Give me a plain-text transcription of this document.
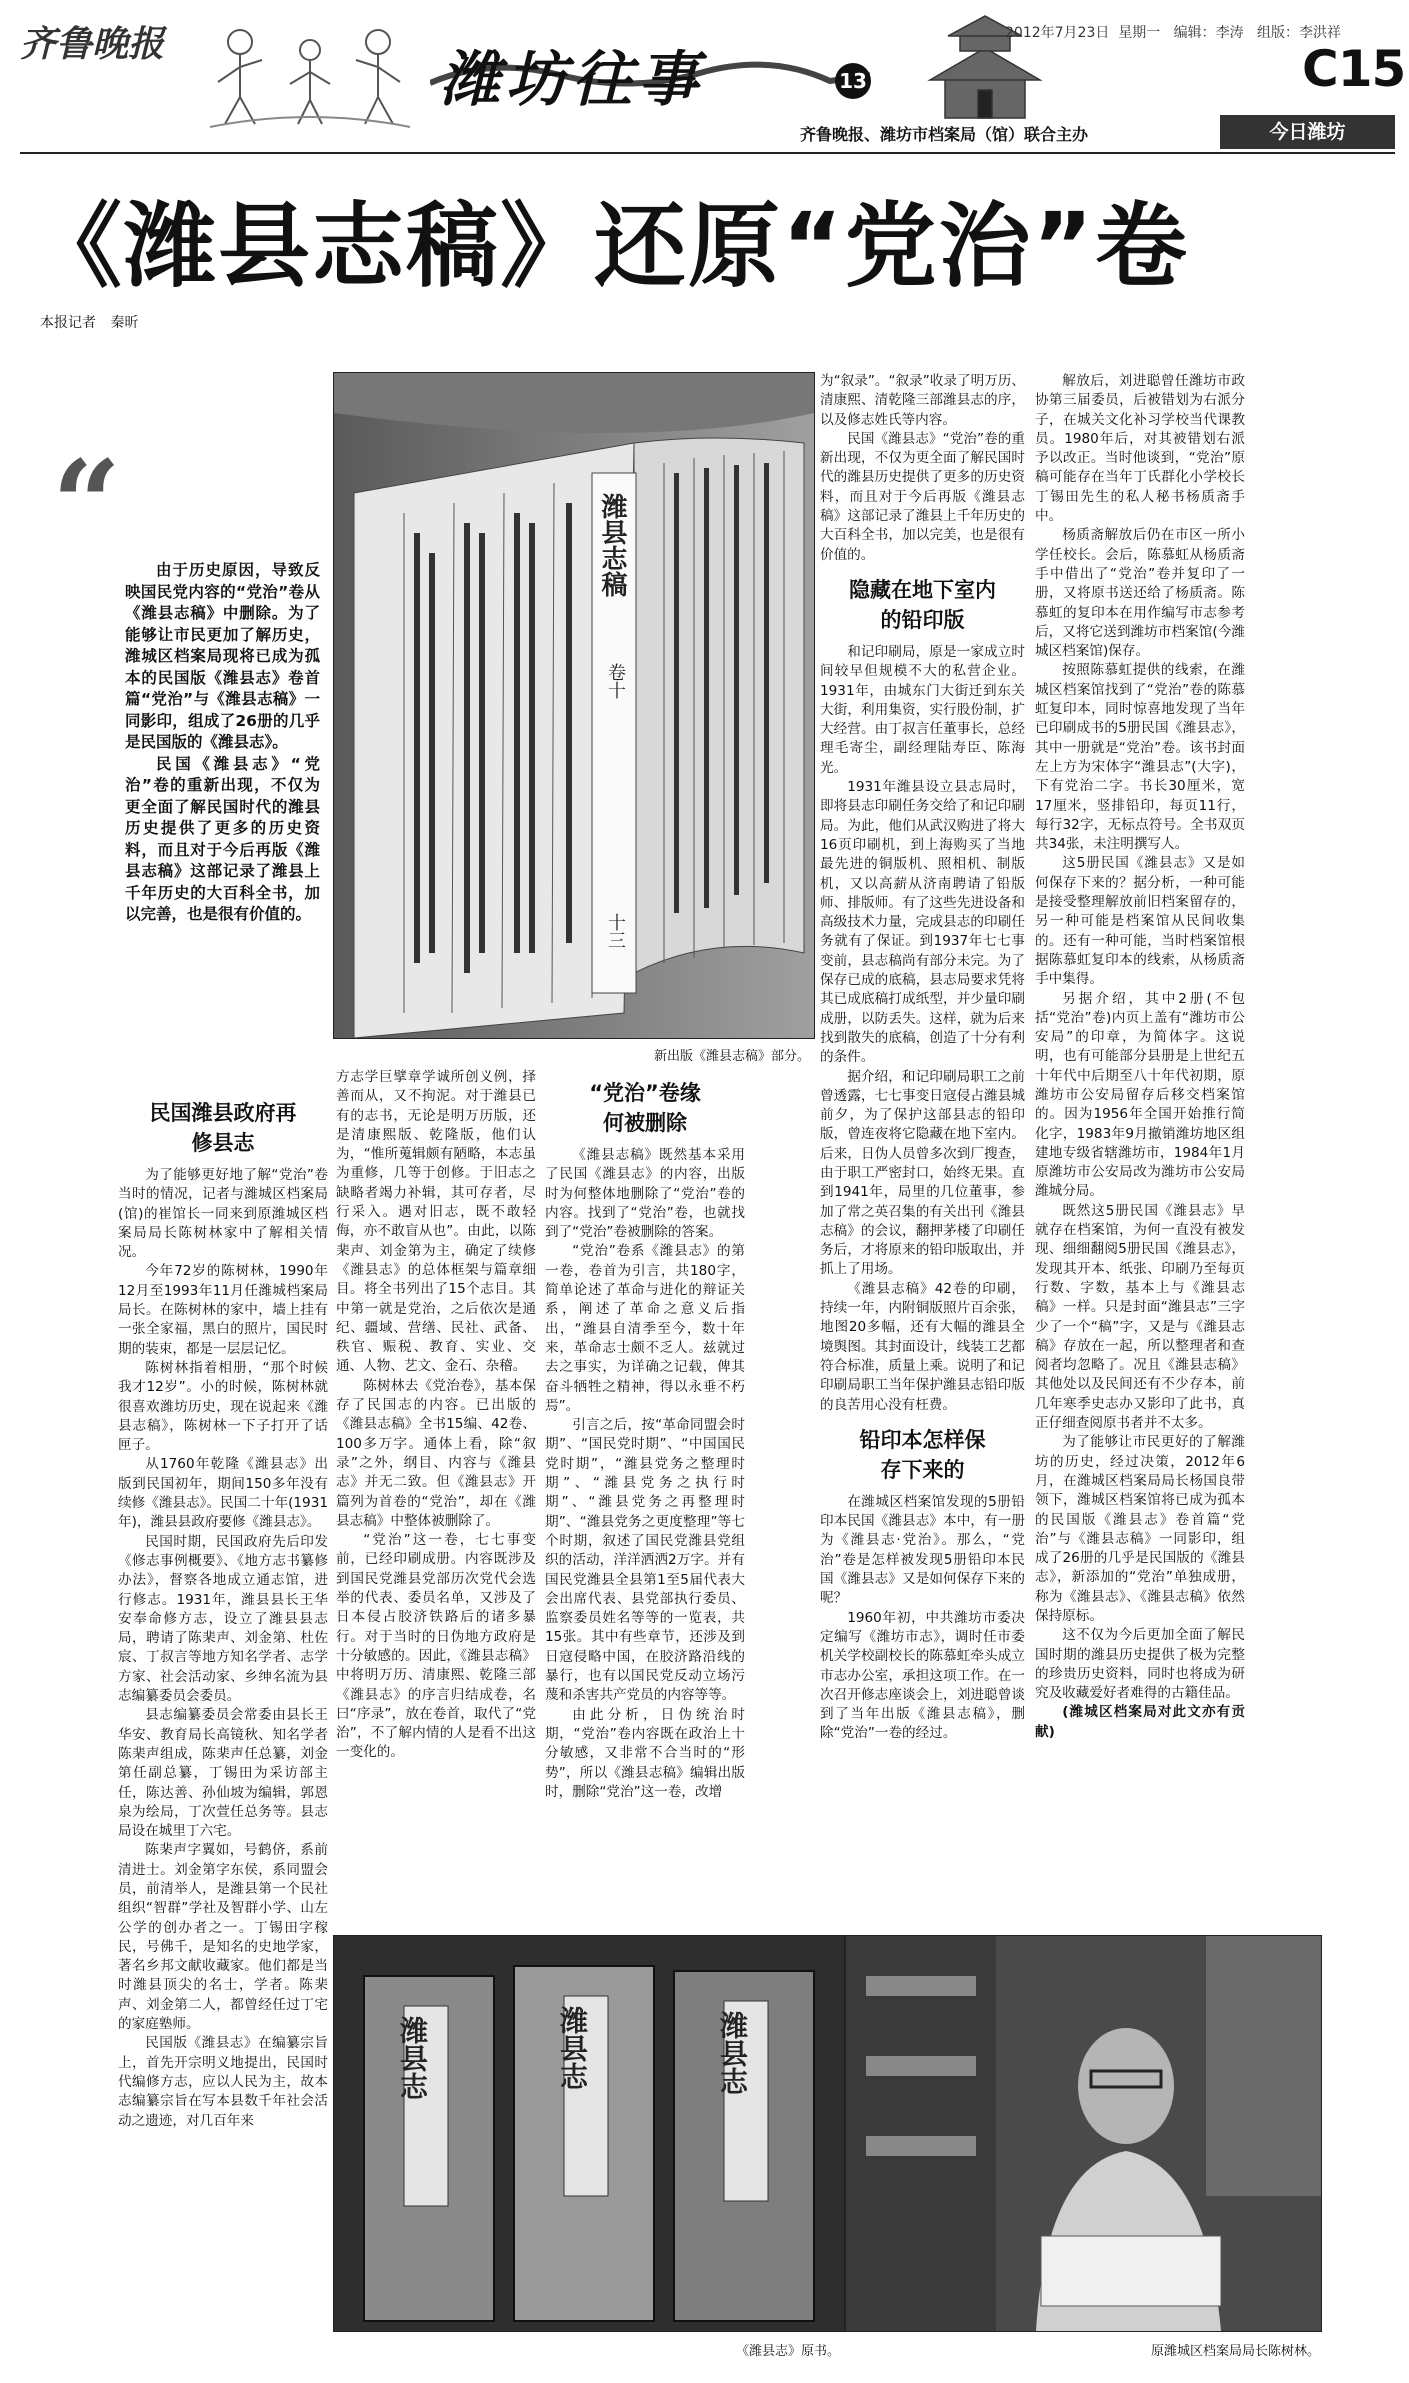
齐鲁晚报
潍坊往事	13
齐鲁晚报、潍坊市档案局（馆）联合主办
2012年7月23日 星期一 编辑：李涛 组版：李洪祥
C15
今日潍坊
《潍县志稿》还原“党治”卷
本报记者 秦昕
“	由于历史原因，导致反映国民党内容的“党治”卷从《潍县志稿》中删除。为了能够让市民更加了解历史，潍城区档案局现将已成为孤本的民国版《潍县志》卷首篇“党治”与《潍县志稿》一同影印，组成了26册的几乎是民国版的《潍县志》。

民国《潍县志》“党治”卷的重新出现，不仅为更全面了解民国时代的潍县历史提供了更多的历史资料，而且对于今后再版《潍县志稿》这部记录了潍县上千年历史的大百科全书，加以完善，也是很有价值的。

潍县志稿
卷十
十三
新出版《潍县志稿》部分。
民国潍县政府再修县志

为了能够更好地了解“党治”卷当时的情况，记者与潍城区档案局(馆)的崔馆长一同来到原潍城区档案局局长陈树林家中了解相关情况。

今年72岁的陈树林，1990年12月至1993年11月任潍城档案局局长。在陈树林的家中，墙上挂有一张全家福，黑白的照片，国民时期的装束，都是一层层记忆。

陈树林指着相册，“那个时候我才12岁”。小的时候，陈树林就很喜欢潍坊历史，现在说起来《潍县志稿》，陈树林一下子打开了话匣子。

从1760年乾隆《潍县志》出版到民国初年，期间150多年没有续修《潍县志》。民国二十年(1931年)，潍县县政府要修《潍县志》。

民国时期，民国政府先后印发《修志事例概要》、《地方志书纂修办法》，督察各地成立通志馆，进行修志。1931年，潍县县长王华安奉命修方志，设立了潍县县志局，聘请了陈棐声、刘金第、杜佐宸、丁叔言等地方知名学者、志学方家、社会活动家、乡绅名流为县志编纂委员会委员。

县志编纂委员会常委由县长王华安、教育局长高镜秋、知名学者陈棐声组成，陈棐声任总纂，刘金第任副总纂，丁锡田为采访部主任，陈达善、孙仙坡为编辑，郭恩泉为绘局，丁次萱任总务等。县志局设在城里丁六宅。

陈棐声字翼如，号鹤侪，系前清进士。刘金第字东侯，系同盟会员，前清举人，是潍县第一个民社组织“智群”学社及智群小学、山左公学的创办者之一。丁锡田字稼民，号佛千，是知名的史地学家，著名乡邦文献收藏家。他们都是当时潍县顶尖的名士，学者。陈棐声、刘金第二人，都曾经任过丁宅的家庭塾师。

民国版《潍县志》在编纂宗旨上，首先开宗明义地提出，民国时代编修方志，应以人民为主，故本志编纂宗旨在写本县数千年社会活动之遗迹，对几百年来

方志学巨擘章学诚所创义例，择善而从，又不拘泥。对于潍县已有的志书，无论是明万历版，还是清康熙版、乾隆版，他们认为，“惟所蒐辑颇有陋略，本志虽为重修，几等于创修。于旧志之缺略者竭力补辑，其可存者，尽行采入。遇对旧志，既不敢轻侮，亦不敢盲从也”。由此，以陈棐声、刘金第为主，确定了续修《潍县志》的总体框架与篇章细目。将全书列出了15个志目。其中第一就是党治，之后依次是通纪、疆域、营缮、民社、武备、秩官、赈税、教育、实业、交通、人物、艺文、金石、杂稽。

陈树林去《党治卷》，基本保存了民国志的内容。已出版的《潍县志稿》全书15编、42卷、100多万字。通体上看，除“叙录”之外，纲目、内容与《潍县志》并无二致。但《潍县志》开篇列为首卷的“党治”，却在《潍县志稿》中整体被删除了。

“党治”这一卷，七七事变前，已经印刷成册。内容既涉及到国民党潍县党部历次党代会选举的代表、委员名单，又涉及了日本侵占胶济铁路后的诸多暴行。对于当时的日伪地方政府是十分敏感的。因此，《潍县志稿》中将明万历、清康熙、乾隆三部《潍县志》的序言归结成卷，名曰“序录”，放在卷首，取代了“党治”，不了解内情的人是看不出这一变化的。

“党治”卷缘何被删除

《潍县志稿》既然基本采用了民国《潍县志》的内容，出版时为何整体地删除了“党治”卷的内容。找到了“党治”卷，也就找到了“党治”卷被删除的答案。

“党治”卷系《潍县志》的第一卷，卷首为引言，共180字，简单论述了革命与进化的辩证关系，阐述了革命之意义后指出，“潍县自清季至今，数十年来，革命志士颇不乏人。兹就过去之事实，为详确之记载，俾其奋斗牺牲之精神，得以永垂不朽焉”。

引言之后，按“革命同盟会时期”、“国民党时期”、“中国国民党时期”，“潍县党务之整理时期”、“潍县党务之执行时期”、“潍县党务之再整理时期”、“潍县党务之更度整理”等七个时期，叙述了国民党潍县党组织的活动，洋洋洒洒2万字。并有国民党潍县全县第1至5届代表大会出席代表、县党部执行委员、监察委员姓名等等的一览表，共15张。其中有些章节，还涉及到日寇侵略中国，在胶济路沿线的暴行，也有以国民党反动立场污蔑和杀害共产党员的内容等等。

由此分析，日伪统治时期，“党治”卷内容既在政治上十分敏感，又非常不合当时的“形势”，所以《潍县志稿》编辑出版时，删除“党治”这一卷，改增

为“叙录”。“叙录”收录了明万历、清康熙、清乾隆三部潍县志的序，以及修志姓氏等内容。

民国《潍县志》“党治”卷的重新出现，不仅为更全面了解民国时代的潍县历史提供了更多的历史资料，而且对于今后再版《潍县志稿》这部记录了潍县上千年历史的大百科全书，加以完美，也是很有价值的。

隐藏在地下室内的铅印版

和记印刷局，原是一家成立时间较早但规模不大的私营企业。1931年，由城东门大街迁到东关大街，利用集资，实行股份制，扩大经营。由丁叔言任董事长，总经理毛寄尘，副经理陆寿臣、陈海光。

1931年潍县设立县志局时，即将县志印刷任务交给了和记印刷局。为此，他们从武汉购进了将大16页印刷机，到上海购买了当地最先进的铜版机、照相机、制版机，又以高薪从济南聘请了铅版师、排版师。有了这些先进设备和高级技术力量，完成县志的印刷任务就有了保证。到1937年七七事变前，县志稿尚有部分未完。为了保存已成的底稿，县志局要求凭将其已成底稿打成纸型，并少量印刷成册，以防丢失。这样，就为后来找到散失的底稿，创造了十分有利的条件。

据介绍，和记印刷局职工之前曾透露，七七事变日寇侵占潍县城前夕，为了保护这部县志的铅印版，曾连夜将它隐藏在地下室内。后来，日伪人员曾多次到厂搜查，由于职工严密封口，始终无果。直到1941年，局里的几位董事，参加了常之英召集的有关出刊《潍县志稿》的会议，翻押茅楼了印刷任务后，才将原来的铅印版取出，并抓上了用场。

《潍县志稿》42卷的印刷，持续一年，内附铜版照片百余张，地图20多幅，还有大幅的潍县全境舆图。其封面设计，线装工艺都符合标准，质量上乘。说明了和记印刷局职工当年保护潍县志铅印版的良苦用心没有枉费。

铅印本怎样保存下来的

在潍城区档案馆发现的5册铅印本民国《潍县志》本中，有一册为《潍县志·党治》。那么，“党治”卷是怎样被发现5册铅印本民国《潍县志》又是如何保存下来的呢？

1960年初，中共潍坊市委决定编写《潍坊市志》，调时任市委机关学校副校长的陈慕虹牵头成立市志办公室，承担这项工作。在一次召开修志座谈会上，刘进聪曾谈到了当年出版《潍县志稿》，删除“党治”一卷的经过。

解放后，刘进聪曾任潍坊市政协第三届委员，后被错划为右派分子，在城关文化补习学校当代课教员。1980年后，对其被错划右派予以改正。当时他谈到，“党治”原稿可能存在当年丁氏群化小学校长丁锡田先生的私人秘书杨质斋手中。

杨质斋解放后仍在市区一所小学任校长。会后，陈慕虹从杨质斋手中借出了“党治”卷并复印了一册，又将原书送还给了杨质斋。陈慕虹的复印本在用作编写市志参考后，又将它送到潍坊市档案馆(今潍城区档案馆)保存。

按照陈慕虹提供的线索，在潍城区档案馆找到了“党治”卷的陈慕虹复印本，同时惊喜地发现了当年已印刷成书的5册民国《潍县志》，其中一册就是“党治”卷。该书封面左上方为宋体字“潍县志”(大字)，下有党治二字。书长30厘米，宽17厘米，竖排铅印，每页11行，每行32字，无标点符号。全书双页共34张，未注明撰写人。

这5册民国《潍县志》又是如何保存下来的？据分析，一种可能是接受整理解放前旧档案留存的，另一种可能是档案馆从民间收集的。还有一种可能，当时档案馆根据陈慕虹复印本的线索，从杨质斋手中集得。

另据介绍，其中2册(不包括“党治”卷)内页上盖有“潍坊市公安局”的印章，为简体字。这说明，也有可能部分县册是上世纪五十年代中后期至八十年代初期，原潍坊市公安局留存后移交档案馆的。因为1956年全国开始推行简化字，1983年9月撤销潍坊地区组建地专级省辖潍坊市，1984年1月原潍坊市公安局改为潍坊市公安局潍城分局。

既然这5册民国《潍县志》早就存在档案馆，为何一直没有被发现、细细翻阅5册民国《潍县志》，发现其开本、纸张、印刷乃至每页行数、字数，基本上与《潍县志稿》一样。只是封面“潍县志”三字少了一个“稿”字，又是与《潍县志稿》存放在一起，所以整理者和查阅者均忽略了。况且《潍县志稿》其他处以及民间还有不少存本，前几年寒季史志办又影印了此书，真正仔细查阅原书者并不太多。

为了能够让市民更好的了解潍坊的历史，经过决策，2012年6月，在潍城区档案局局长杨国良带领下，潍城区档案馆将已成为孤本的民国版《潍县志》卷首篇“党治”与《潍县志稿》一同影印，组成了26册的几乎是民国版的《潍县志》，新添加的“党治”单独成册，称为《潍县志》、《潍县志稿》依然保持原标。

这不仅为今后更加全面了解民国时期的潍县历史提供了极为完整的珍贵历史资料，同时也将成为研究及收藏爱好者难得的古籍佳品。

(潍城区档案局对此文亦有贡献)

潍县志	潍县志	潍县志
《潍县志》原书。	原潍城区档案局局长陈树林。
